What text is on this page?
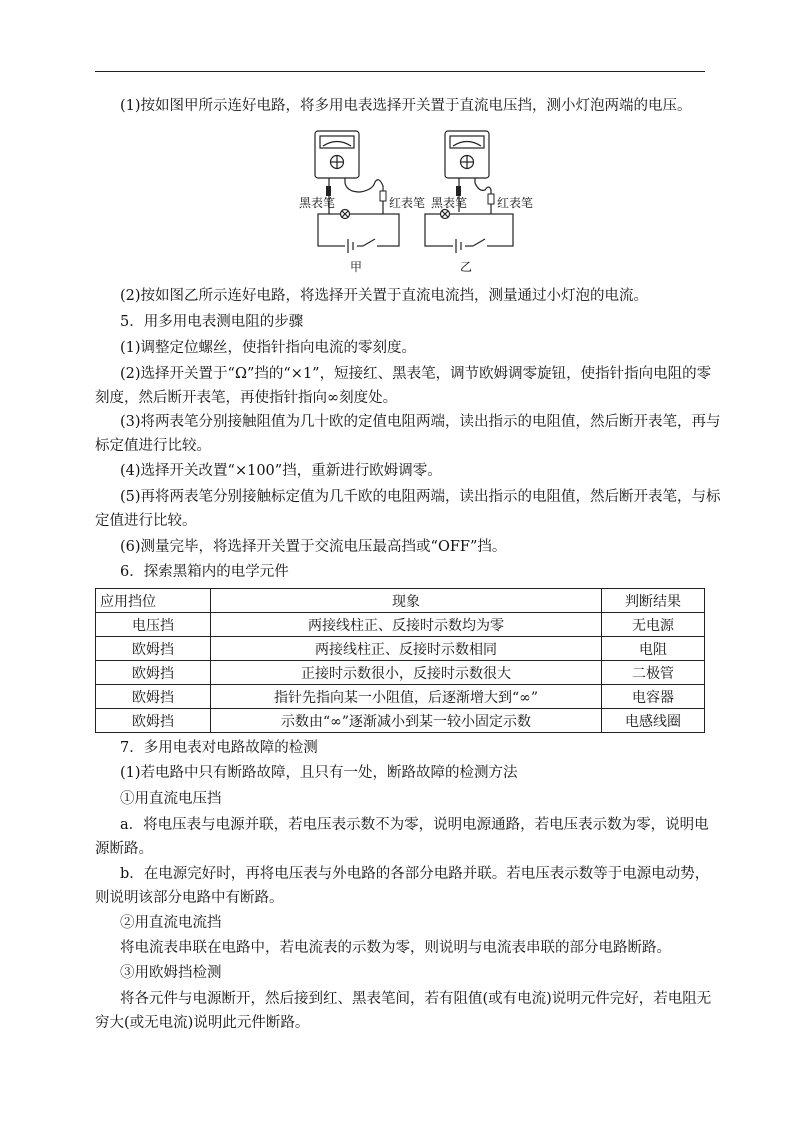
(1)按如图甲所示连好电路，将多用电表选择开关置于直流电压挡，测小灯泡两端的电压。
黑表笔	红表笔 黑表笔 红表笔
甲	乙
(2)按如图乙所示连好电路，将选择开关置于直流电流挡，测量通过小灯泡的电流。
5．用多用电表测电阻的步骤
(1)调整定位螺丝，使指针指向电流的零刻度。
(2)选择开关置于“Ω”挡的“×1”，短接红、黑表笔，调节欧姆调零旋钮，使指针指向电阻的零
刻度，然后断开表笔，再使指针指向∞刻度处。
(3)将两表笔分别接触阻值为几十欧的定值电阻两端，读出指示的电阻值，然后断开表笔，再与
标定值进行比较。
(4)选择开关改置“×100”挡，重新进行欧姆调零。
(5)再将两表笔分别接触标定值为几千欧的电阻两端，读出指示的电阻值，然后断开表笔，与标
定值进行比较。
(6)测量完毕，将选择开关置于交流电压最高挡或“OFF”挡。
6．探索黑箱内的电学元件
应用挡位	现象	判断结果
电压挡	两接线柱正、反接时示数均为零	无电源
欧姆挡	两接线柱正、反接时示数相同	电阻
欧姆挡	正接时示数很小，反接时示数很大	二极管
欧姆挡	指针先指向某一小阻值，后逐渐增大到“∞”	电容器
欧姆挡	示数由“∞”逐渐减小到某一较小固定示数	电感线圈
7．多用电表对电路故障的检测
(1)若电路中只有断路故障，且只有一处，断路故障的检测方法
①用直流电压挡
a．将电压表与电源并联，若电压表示数不为零，说明电源通路，若电压表示数为零，说明电
源断路。
b．在电源完好时，再将电压表与外电路的各部分电路并联。若电压表示数等于电源电动势，
则说明该部分电路中有断路。
②用直流电流挡
将电流表串联在电路中，若电流表的示数为零，则说明与电流表串联的部分电路断路。
③用欧姆挡检测
将各元件与电源断开，然后接到红、黑表笔间，若有阻值(或有电流)说明元件完好，若电阻无
穷大(或无电流)说明此元件断路。
